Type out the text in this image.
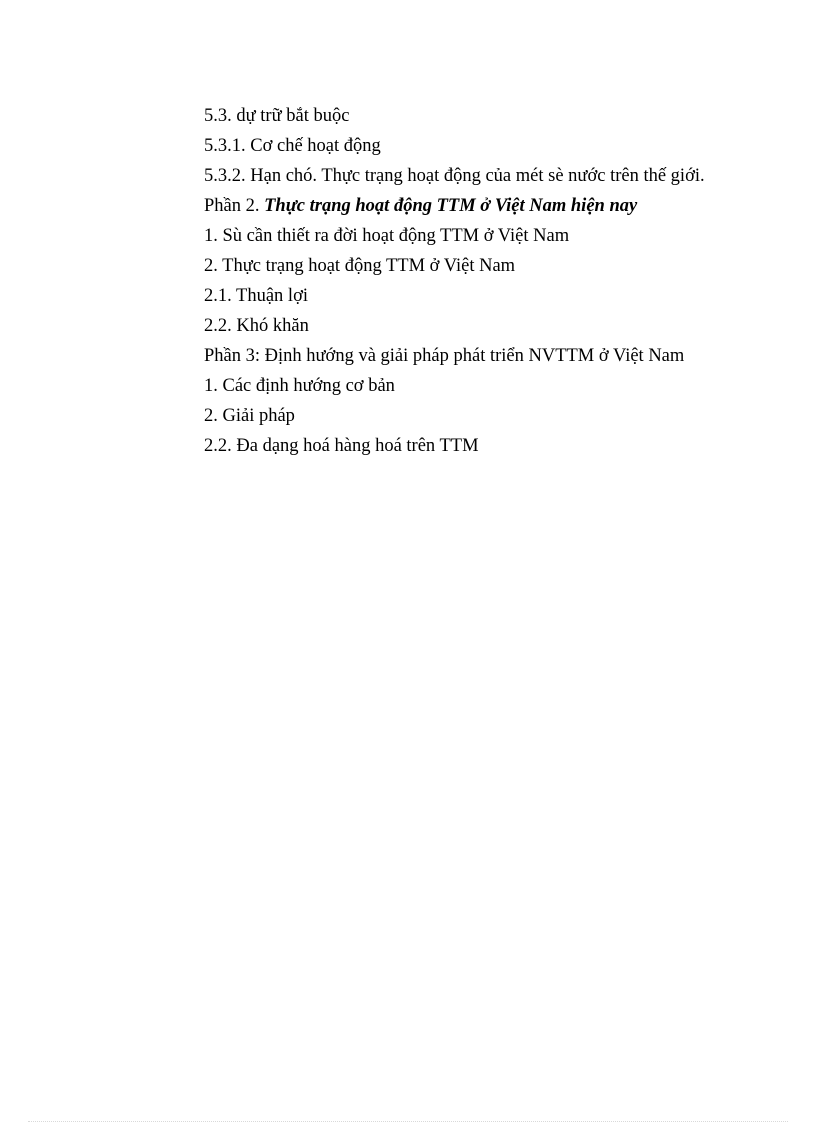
5.3. dự trữ bắt buộc
5.3.1. Cơ chế hoạt động
5.3.2. Hạn chó. Thực trạng hoạt động của mét sè nước trên thế giới.
Phần 2. Thực trạng hoạt động TTM ở Việt Nam hiện nay
1. Sù cần thiết ra đời hoạt động TTM ở Việt Nam
2. Thực trạng hoạt động TTM ở Việt Nam
2.1. Thuận lợi
2.2. Khó khăn
Phần 3: Định hướng và giải pháp phát triển NVTTM ở Việt Nam
1. Các định hướng cơ bản
2. Giải pháp
2.2. Đa dạng hoá hàng hoá trên TTM
